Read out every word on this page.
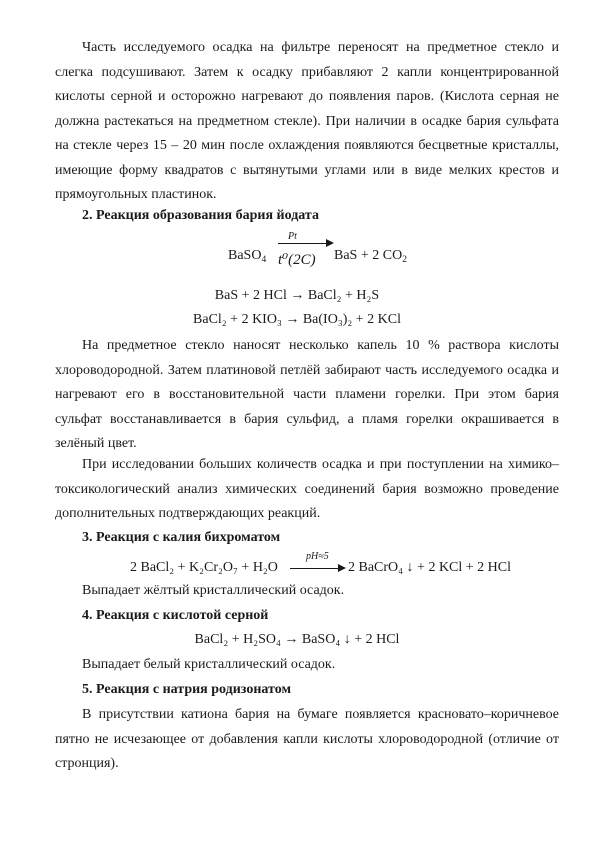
Часть исследуемого осадка на фильтре переносят на предметное стекло и слегка подсушивают. Затем к осадку прибавляют 2 капли концентрированной кислоты серной и осторожно нагревают до появления паров. (Кислота серная не должна растекаться на предметном стекле). При наличии в осадке бария сульфата на стекле через 15 – 20 мин после охлаждения появляются бесцветные кристаллы, имеющие форму квадратов с вытянутыми углами или в виде мелких крестов и прямоугольных пластинок.

2. Реакция образования бария йодата

BaSO$_4$
Pt
t⁰(2C) BaS + 2 $CO_2$

BaS + 2 HCl → BaCl₂ + H₂S

BaCl₂ + 2 KIO₃ → Ba(IO₃)₂ + 2 KCl

На предметное стекло наносят несколько капель 10 % раствора кислоты хлороводородной. Затем платиновой петлёй забирают часть исследуемого осадка и нагревают его в восстановительной части пламени горелки. При этом бария сульфат восстанавливается в бария сульфид, а пламя горелки окрашивается в зелёный цвет.

При исследовании больших количеств осадка и при поступлении на химико–токсикологический анализ химических соединений бария возможно проведение дополнительных подтверждающих реакций.

3. Реакция с калия бихроматом

2 BaCl₂ + K₂Cr₂O₇ + H₂O
pH≈5
2 BaCrO₄ ↓ + 2 KCl + 2 HCl

Выпадает жёлтый кристаллический осадок.

4. Реакция с кислотой серной

BaCl₂ + H₂SO₄ → BaSO₄ ↓ + 2 HCl

Выпадает белый кристаллический осадок.

5. Реакция с натрия родизонатом

В присутствии катиона бария на бумаге появляется красновато–коричневое пятно не исчезающее от добавления капли кислоты хлороводородной (отличие от стронция).
